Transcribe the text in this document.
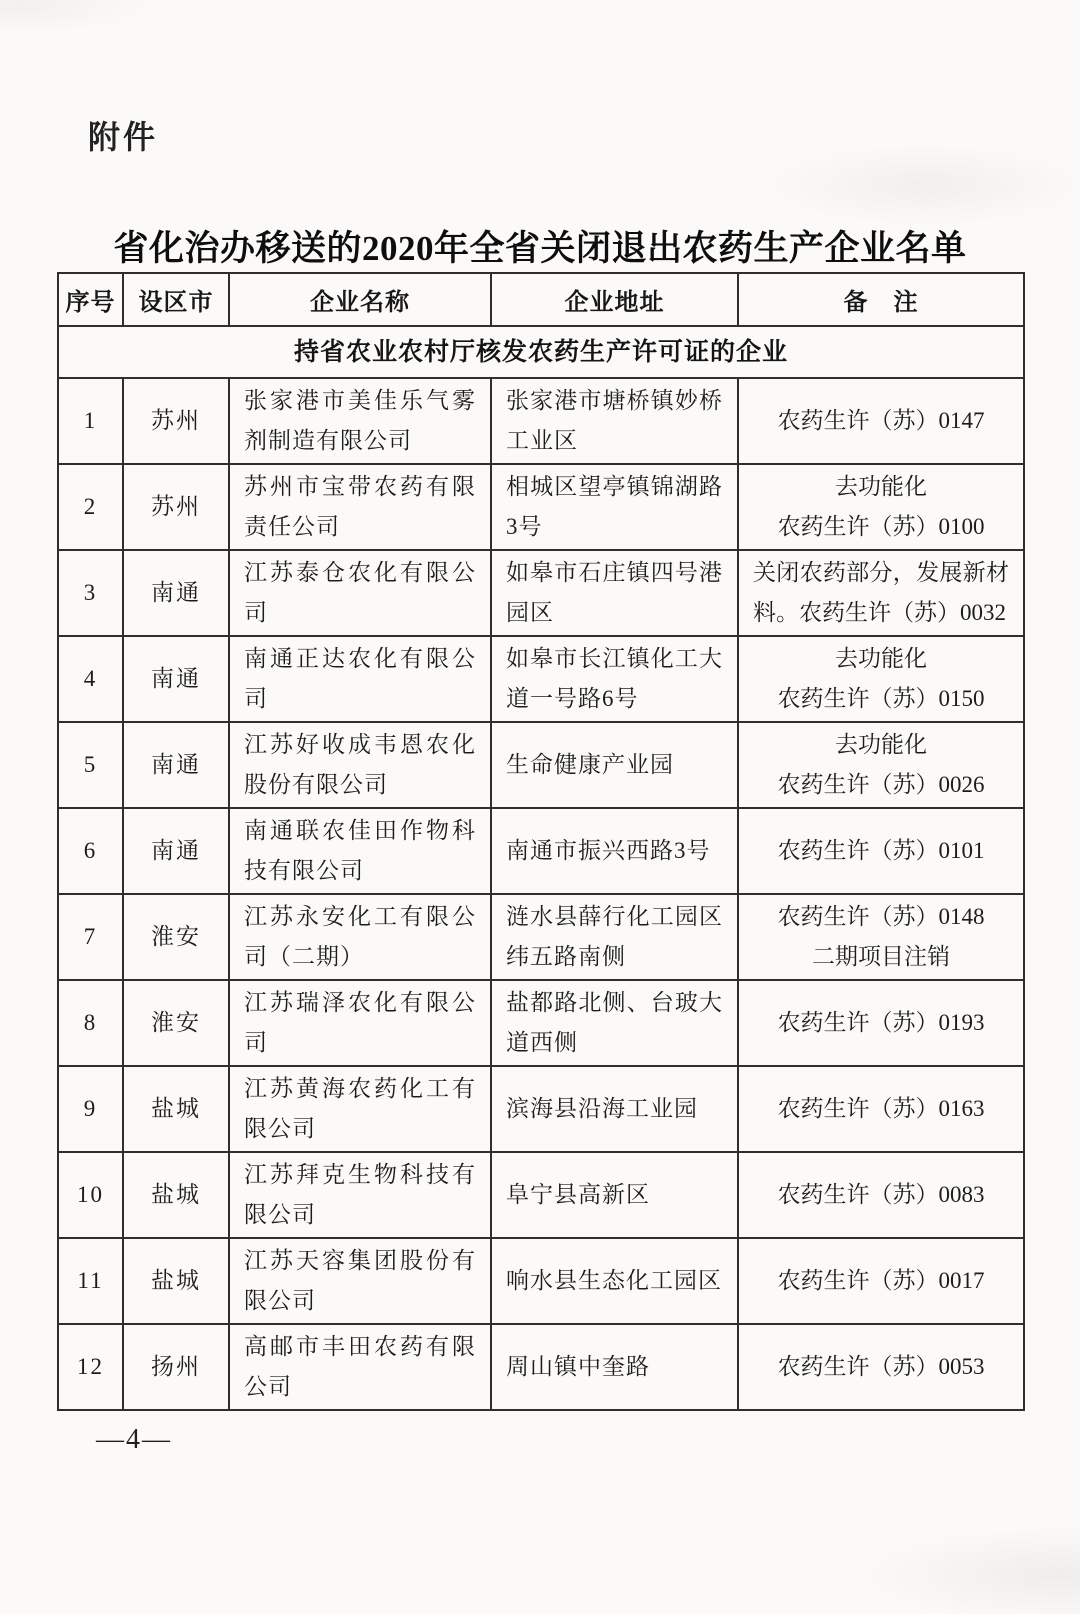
附件
省化治办移送的2020年全省关闭退出农药生产企业名单
序号	设区市	企业名称	企业地址	备　注
持省农业农村厅核发农药生产许可证的企业				
1	苏州	张家港市美佳乐气雾剂制造有限公司	张家港市塘桥镇妙桥工业区	农药生许（苏）0147

2	苏州	苏州市宝带农药有限责任公司	相城区望亭镇锦湖路3号	去功能化
农药生许（苏）0100

3	南通	江苏泰仓农化有限公司	如皋市石庄镇四号港园区	关闭农药部分，发展新材料。农药生许（苏）0032

4	南通	南通正达农化有限公司	如皋市长江镇化工大道一号路6号	去功能化
农药生许（苏）0150

5	南通	江苏好收成韦恩农化股份有限公司	生命健康产业园	去功能化
农药生许（苏）0026

6	南通	南通联农佳田作物科技有限公司	南通市振兴西路3号	农药生许（苏）0101

7	淮安	江苏永安化工有限公司（二期）	涟水县薛行化工园区纬五路南侧	农药生许（苏）0148
二期项目注销

8	淮安	江苏瑞泽农化有限公司	盐都路北侧、台玻大道西侧	农药生许（苏）0193

9	盐城	江苏黄海农药化工有限公司	滨海县沿海工业园	农药生许（苏）0163

10	盐城	江苏拜克生物科技有限公司	阜宁县高新区	农药生许（苏）0083

11	盐城	江苏天容集团股份有限公司	响水县生态化工园区	农药生许（苏）0017

12	扬州	高邮市丰田农药有限公司	周山镇中奎路	农药生许（苏）0053
—4—
